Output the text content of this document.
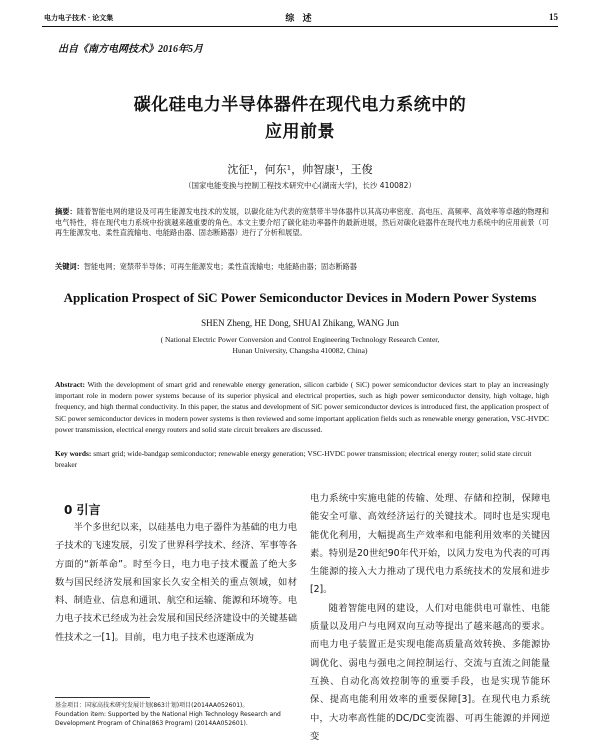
电力电子技术 · 论文集	综 述	15
出自《南方电网技术》2016年5月
碳化硅电力半导体器件在现代电力系统中的
应用前景
沈征¹，何东¹，帅智康¹，王俊
（国家电能变换与控制工程技术研究中心(湖南大学)，长沙 410082）
摘要：随着智能电网的建设及可再生能源发电技术的发展，以碳化硅为代表的宽禁带半导体器件以其高功率密度、高电压、高频率、高效率等卓越的物理和电气特性，将在现代电力系统中扮演越来越重要的角色。本文主要介绍了碳化硅功率器件的最新进展，然后对碳化硅器件在现代电力系统中的应用前景（可再生能源发电、柔性直流输电、电能路由器、固态断路器）进行了分析和展望。
关键词：智能电网；宽禁带半导体；可再生能源发电；柔性直流输电；电能路由器；固态断路器
Application Prospect of SiC Power Semiconductor Devices in Modern Power Systems
SHEN Zheng, HE Dong, SHUAI Zhikang, WANG Jun
( National Electric Power Conversion and Control Engineering Technology Research Center,
Hunan University, Changsha 410082, China)
Abstract: With the development of smart grid and renewable energy generation, silicon carbide ( SiC) power semiconductor devices start to play an increasingly important role in modern power systems because of its superior physical and electrical properties, such as high power semiconductor density, high voltage, high frequency, and high thermal conductivity. In this paper, the status and development of SiC power semiconductor devices is introduced first, the application prospect of SiC power semiconductor devices in modern power systems is then reviewed and some important application fields such as renewable energy generation, VSC-HVDC power transmission, electrical energy routers and solid state circuit breakers are discussed.
Key words: smart grid; wide-bandgap semiconductor; renewable energy generation; VSC-HVDC power transmission; electrical energy router; solid state circuit breaker
0 引言

半个多世纪以来，以硅基电力电子器件为基础的电力电子技术的飞速发展，引发了世界科学技术、经济、军事等各方面的“新革命”。时至今日，电力电子技术覆盖了绝大多数与国民经济发展和国家长久安全相关的重点领域，如材料、制造业、信息和通讯、航空和运输、能源和环境等。电力电子技术已经成为社会发展和国民经济建设中的关键基础性技术之一[1]。目前，电力电子技术也逐渐成为

电力系统中实施电能的传输、处理、存储和控制，保障电能安全可靠、高效经济运行的关键技术。同时也是实现电能优化利用，大幅提高生产效率和电能利用效率的关键因素。特别是20世纪90年代开始，以风力发电为代表的可再生能源的接入大力推动了现代电力系统技术的发展和进步[2]。

随着智能电网的建设，人们对电能供电可靠性、电能质量以及用户与电网双向互动等提出了越来越高的要求。而电力电子装置正是实现电能高质量高效转换、多能源协调优化、弱电与强电之间控制运行、交流与直流之间能量互换、自动化高效控制等的重要手段，也是实现节能环保、提高电能利用效率的重要保障[3]。在现代电力系统中，大功率高性能的DC/DC变流器、可再生能源的并网逆变

基金项目：国家高技术研究发展计划(863计划)项目(2014AA052601)。
Foundation item: Supported by the National High Technology Research and Development Program of China(863 Program) (2014AA052601).
